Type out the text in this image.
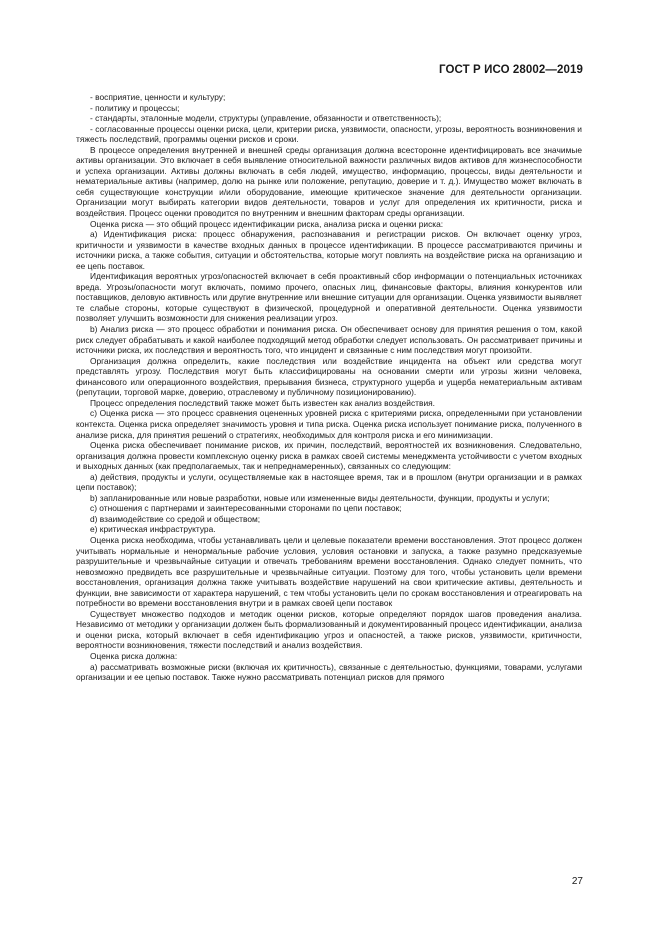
ГОСТ Р ИСО 28002—2019

- восприятие, ценности и культуру;

- политику и процессы;

- стандарты, эталонные модели, структуры (управление, обязанности и ответственность);

- согласованные процессы оценки риска, цели, критерии риска, уязвимости, опасности, угрозы, вероятность возникновения и тяжесть последствий, программы оценки рисков и сроки.

В процессе определения внутренней и внешней среды организация должна всесторонне идентифицировать все значимые активы организации. Это включает в себя выявление относительной важности различных видов активов для жизнеспособности и успеха организации. Активы должны включать в себя людей, имущество, информацию, процессы, виды деятельности и нематериальные активы (например, долю на рынке или положение, репутацию, доверие и т. д.). Имущество может включать в себя существующие конструкции и/или оборудование, имеющие критическое значение для деятельности организации. Организации могут выбирать категории видов деятельности, товаров и услуг для определения их критичности, риска и воздействия. Процесс оценки проводится по внутренним и внешним факторам среды организации.

Оценка риска — это общий процесс идентификации риска, анализа риска и оценки риска:

a) Идентификация риска: процесс обнаружения, распознавания и регистрации рисков. Он включает оценку угроз, критичности и уязвимости в качестве входных данных в процессе идентификации. В процессе рассматриваются причины и источники риска, а также события, ситуации и обстоятельства, которые могут повлиять на воздействие риска на организацию и ее цепь поставок.

Идентификация вероятных угроз/опасностей включает в себя проактивный сбор информации о потенциальных источниках вреда. Угрозы/опасности могут включать, помимо прочего, опасных лиц, финансовые факторы, влияния конкурентов или поставщиков, деловую активность или другие внутренние или внешние ситуации для организации. Оценка уязвимости выявляет те слабые стороны, которые существуют в физической, процедурной и оперативной деятельности. Оценка уязвимости позволяет улучшить возможности для снижения реализации угроз.

b) Анализ риска — это процесс обработки и понимания риска. Он обеспечивает основу для принятия решения о том, какой риск следует обрабатывать и какой наиболее подходящий метод обработки следует использовать. Он рассматривает причины и источники риска, их последствия и вероятность того, что инцидент и связанные с ним последствия могут произойти.

Организация должна определить, какие последствия или воздействие инцидента на объект или средства могут представлять угрозу. Последствия могут быть классифицированы на основании смерти или угрозы жизни человека, финансового или операционного воздействия, прерывания бизнеса, структурного ущерба и ущерба нематериальным активам (репутации, торговой марке, доверию, отраслевому и публичному позиционированию).

Процесс определения последствий также может быть известен как анализ воздействия.

c) Оценка риска — это процесс сравнения оцененных уровней риска с критериями риска, определенными при установлении контекста. Оценка риска определяет значимость уровня и типа риска. Оценка риска использует понимание риска, полученного в анализе риска, для принятия решений о стратегиях, необходимых для контроля риска и его минимизации.

Оценка риска обеспечивает понимание рисков, их причин, последствий, вероятностей их возникновения. Следовательно, организация должна провести комплексную оценку риска в рамках своей системы менеджмента устойчивости с учетом входных и выходных данных (как предполагаемых, так и непреднамеренных), связанных со следующим:

a) действия, продукты и услуги, осуществляемые как в настоящее время, так и в прошлом (внутри организации и в рамках цепи поставок);

b) запланированные или новые разработки, новые или измененные виды деятельности, функции, продукты и услуги;

c) отношения с партнерами и заинтересованными сторонами по цепи поставок;

d) взаимодействие со средой и обществом;

e) критическая инфраструктура.

Оценка риска необходима, чтобы устанавливать цели и целевые показатели времени восстановления. Этот процесс должен учитывать нормальные и ненормальные рабочие условия, условия остановки и запуска, а также разумно предсказуемые разрушительные и чрезвычайные ситуации и отвечать требованиям времени восстановления. Однако следует помнить, что невозможно предвидеть все разрушительные и чрезвычайные ситуации. Поэтому для того, чтобы установить цели времени восстановления, организация должна также учитывать воздействие нарушений на свои критические активы, деятельность и функции, вне зависимости от характера нарушений, с тем чтобы установить цели по срокам восстановления и отреагировать на потребности во времени восстановления внутри и в рамках своей цепи поставок

Существует множество подходов и методик оценки рисков, которые определяют порядок шагов проведения анализа. Независимо от методики у организации должен быть формализованный и документированный процесс идентификации, анализа и оценки риска, который включает в себя идентификацию угроз и опасностей, а также рисков, уязвимости, критичности, вероятности возникновения, тяжести последствий и анализ воздействия.

Оценка риска должна:

a) рассматривать возможные риски (включая их критичность), связанные с деятельностью, функциями, товарами, услугами организации и ее цепью поставок. Также нужно рассматривать потенциал рисков для прямого

27
